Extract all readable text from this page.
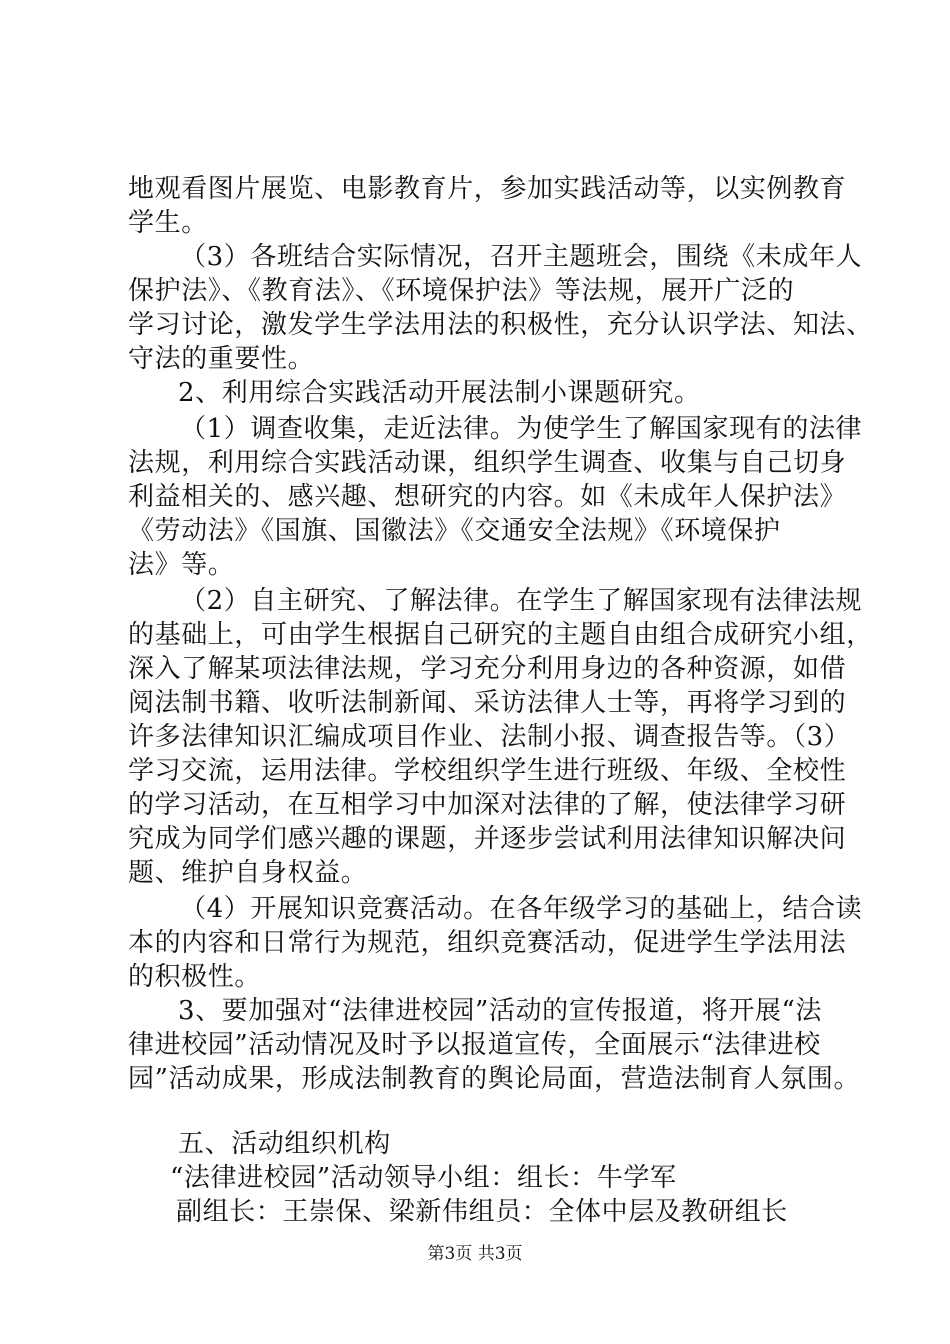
地观看图片展览、电影教育片，参加实践活动等，以实例教育
学生。
（3）各班结合实际情况，召开主题班会，围绕《未成年人
保护法》、《教育法》、《环境保护法》等法规，展开广泛的
学习讨论，激发学生学法用法的积极性，充分认识学法、知法、
守法的重要性。
2、利用综合实践活动开展法制小课题研究。
（1）调查收集，走近法律。为使学生了解国家现有的法律
法规，利用综合实践活动课，组织学生调查、收集与自己切身
利益相关的、感兴趣、想研究的内容。如《未成年人保护法》
《劳动法》《国旗、国徽法》《交通安全法规》《环境保护
法》等。
（2）自主研究、了解法律。在学生了解国家现有法律法规
的基础上，可由学生根据自己研究的主题自由组合成研究小组，
深入了解某项法律法规，学习充分利用身边的各种资源，如借
阅法制书籍、收听法制新闻、采访法律人士等，再将学习到的
许多法律知识汇编成项目作业、法制小报、调查报告等。（3）
学习交流，运用法律。学校组织学生进行班级、年级、全校性
的学习活动，在互相学习中加深对法律的了解，使法律学习研
究成为同学们感兴趣的课题，并逐步尝试利用法律知识解决问
题、维护自身权益。
（4）开展知识竞赛活动。在各年级学习的基础上，结合读
本的内容和日常行为规范，组织竞赛活动，促进学生学法用法
的积极性。
3、要加强对“法律进校园”活动的宣传报道，将开展“法
律进校园”活动情况及时予以报道宣传，全面展示“法律进校
园”活动成果，形成法制教育的舆论局面，营造法制育人氛围。
五、活动组织机构
“法律进校园”活动领导小组：组长：牛学军
副组长：王崇保、梁新伟组员：全体中层及教研组长
第3页 共3页
